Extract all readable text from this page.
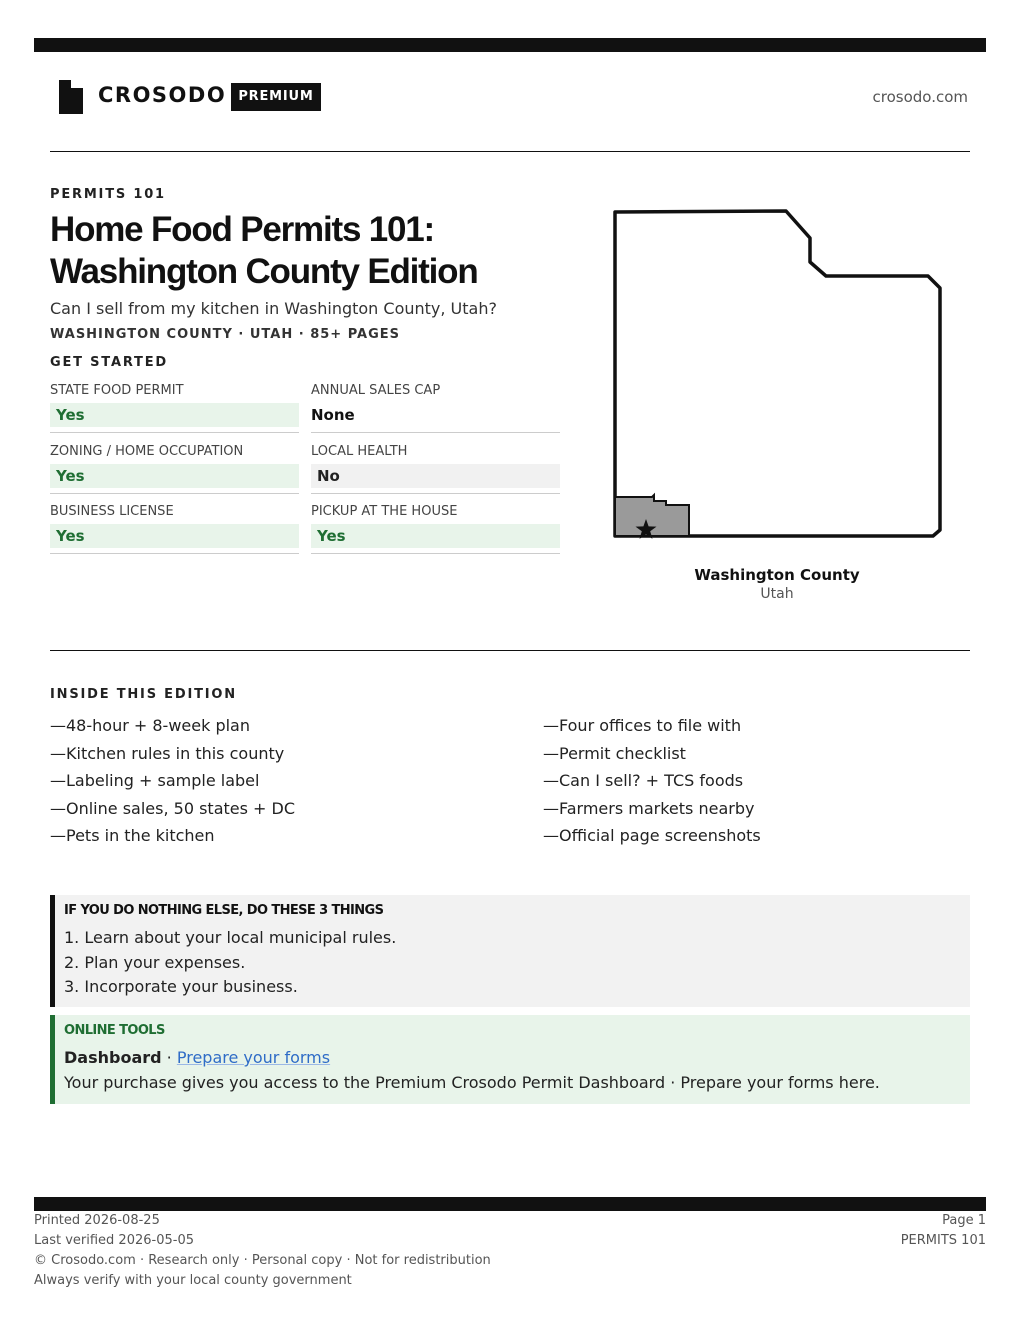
CROSODO PREMIUM	crosodo.com
PERMITS 101
Home Food Permits 101:
Washington County Edition
Can I sell from my kitchen in Washington County, Utah?
WASHINGTON COUNTY · UTAH · 85+ PAGES
GET STARTED
STATE FOOD PERMIT
Yes
ANNUAL SALES CAP
None
ZONING / HOME OCCUPATION
Yes
LOCAL HEALTH
No
BUSINESS LICENSE
Yes
PICKUP AT THE HOUSE
Yes
Washington County
Utah
INSIDE THIS EDITION
—48-hour + 8-week plan
—Kitchen rules in this county
—Labeling + sample label
—Online sales, 50 states + DC
—Pets in the kitchen
—Four offices to file with
—Permit checklist
—Can I sell? + TCS foods
—Farmers markets nearby
—Official page screenshots
IF YOU DO NOTHING ELSE, DO THESE 3 THINGS
1. Learn about your local municipal rules.
2. Plan your expenses.
3. Incorporate your business.
ONLINE TOOLS
Dashboard · Prepare your forms
Your purchase gives you access to the Premium Crosodo Permit Dashboard · Prepare your forms here.
Printed 2026-08-25
Last verified 2026-05-05
© Crosodo.com · Research only · Personal copy · Not for redistribution
Always verify with your local county government
Page 1
PERMITS 101
